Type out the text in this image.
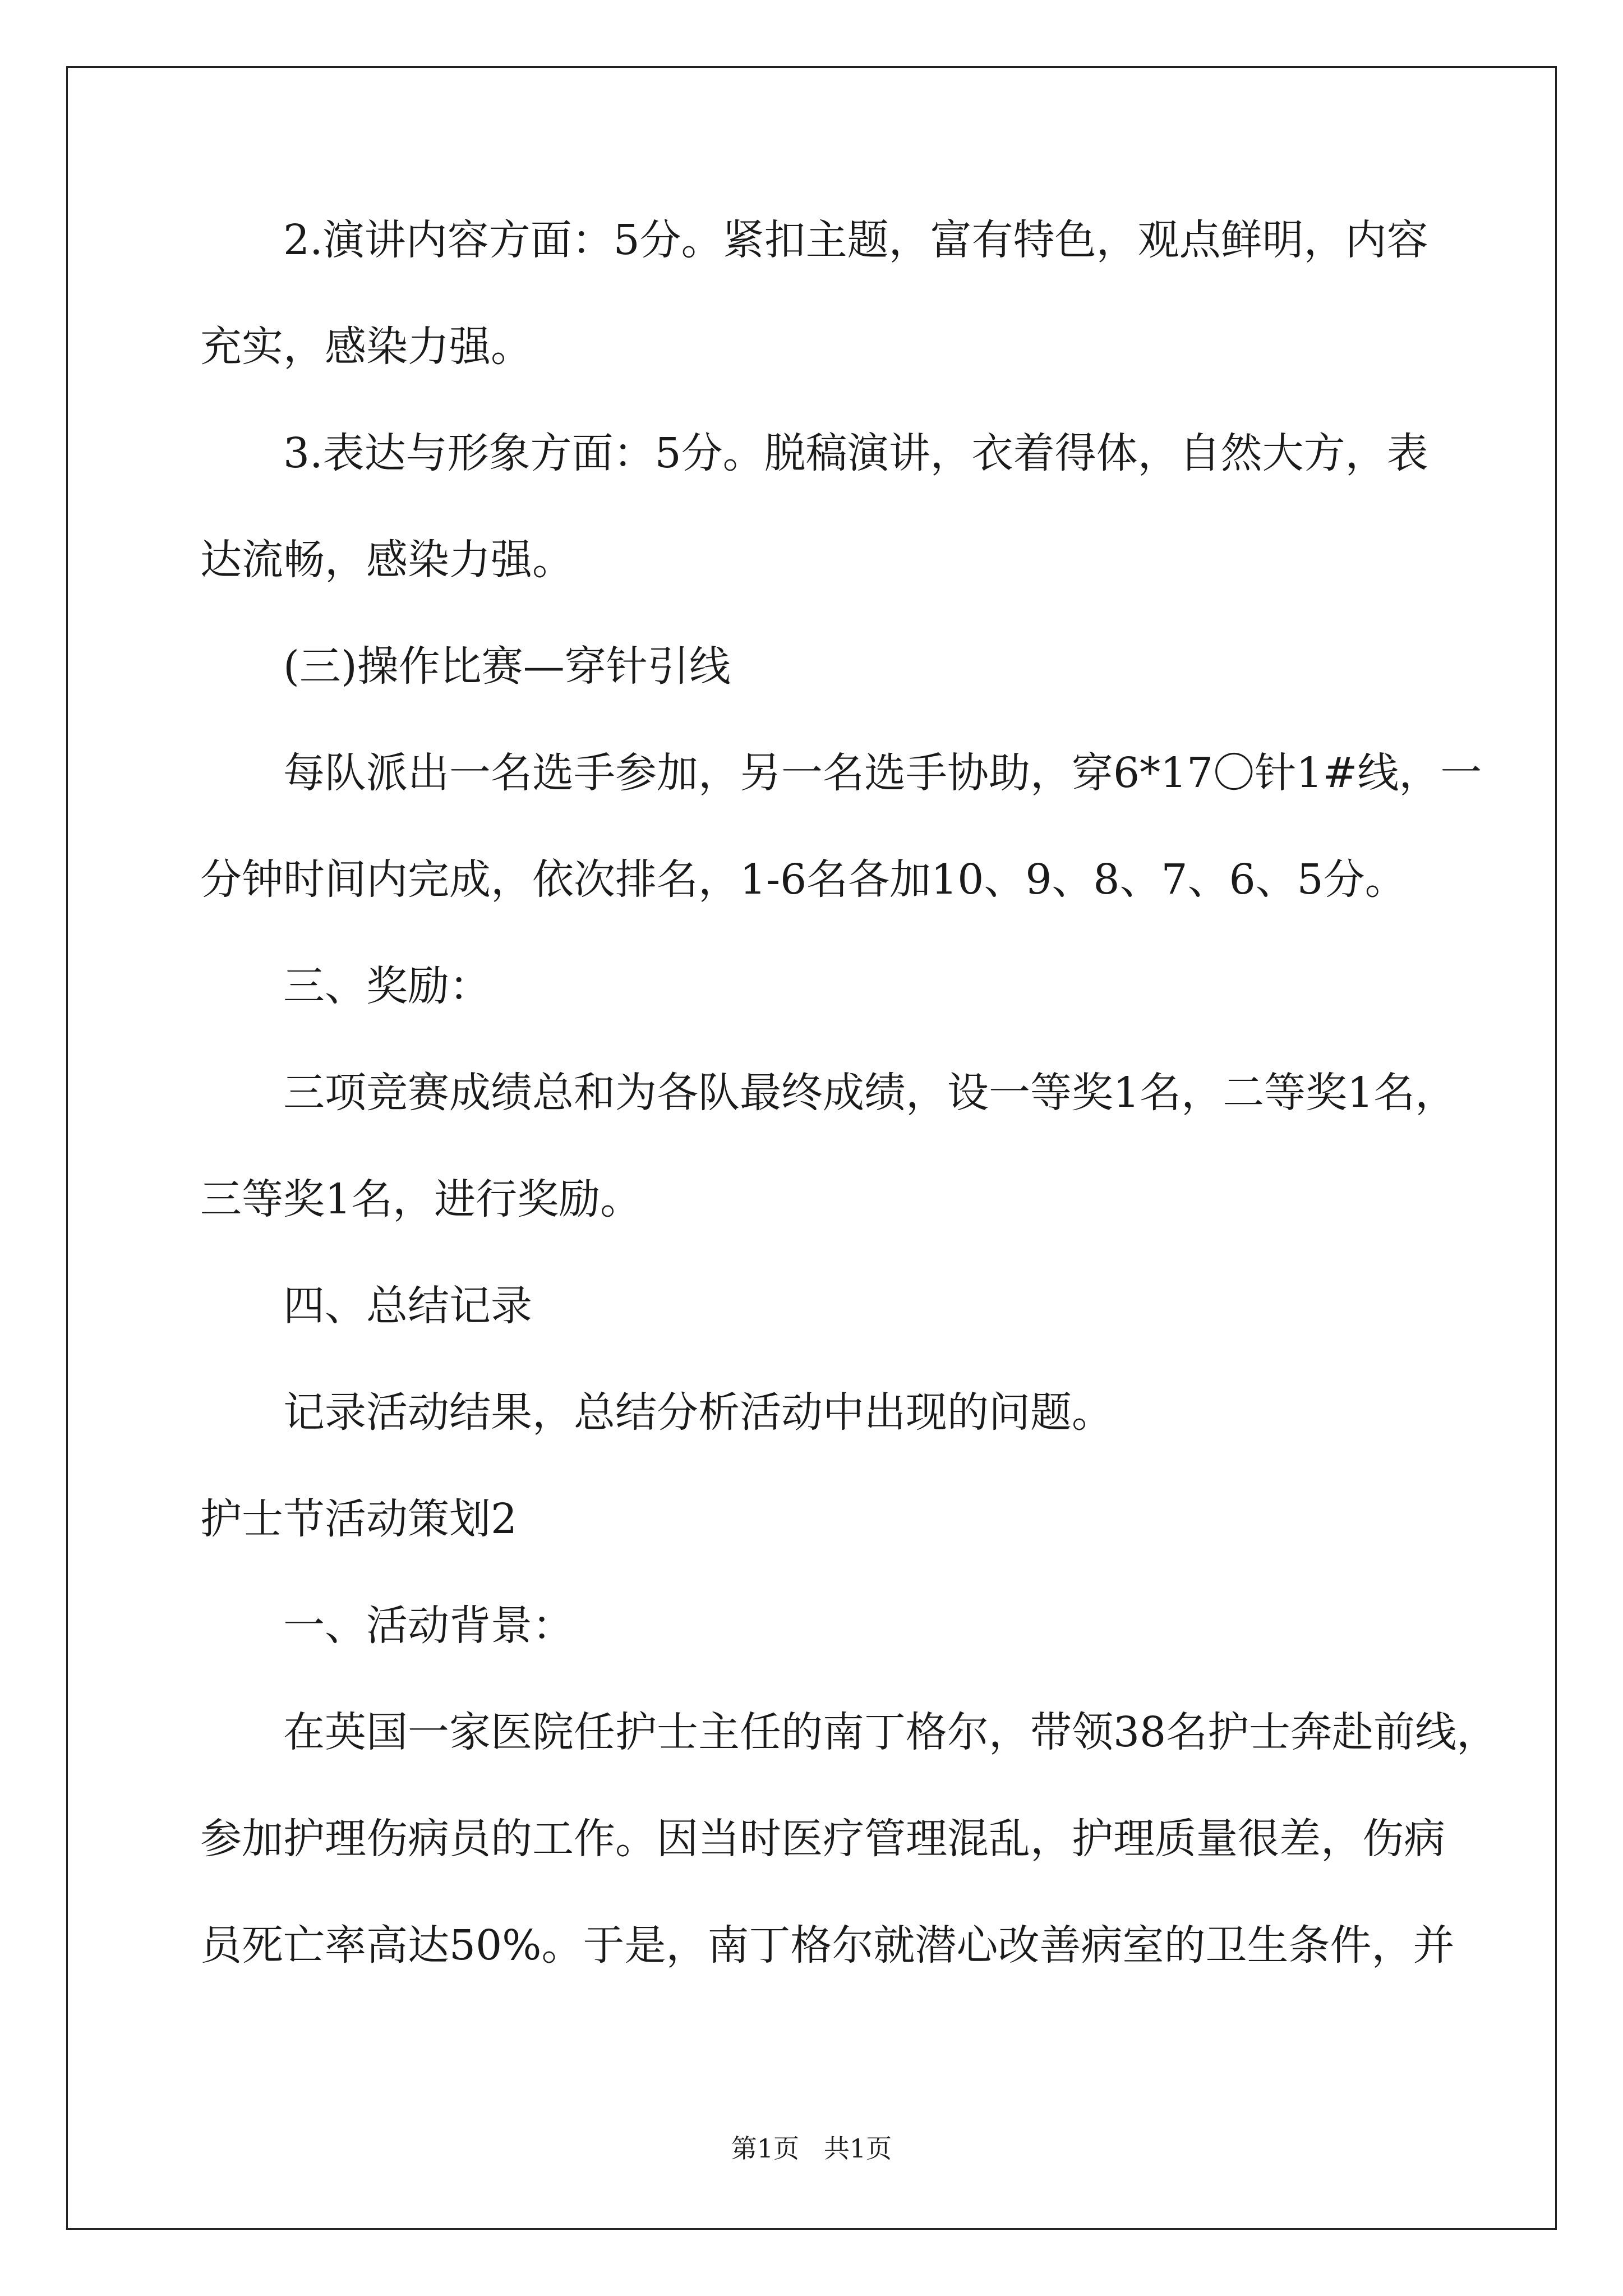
2.演讲内容方面：5分。紧扣主题，富有特色，观点鲜明，内容
充实，感染力强。
3.表达与形象方面：5分。脱稿演讲，衣着得体，自然大方，表
达流畅，感染力强。
(三)操作比赛—穿针引线
每队派出一名选手参加，另一名选手协助，穿6*17〇针1#线，一
分钟时间内完成，依次排名，1-6名各加10、9、8、7、6、5分。
三、奖励：
三项竞赛成绩总和为各队最终成绩，设一等奖1名，二等奖1名，
三等奖1名，进行奖励。
四、总结记录
记录活动结果，总结分析活动中出现的问题。
护士节活动策划2
一、活动背景：
在英国一家医院任护士主任的南丁格尔，带领38名护士奔赴前线，
参加护理伤病员的工作。因当时医疗管理混乱，护理质量很差，伤病
员死亡率高达50%。于是，南丁格尔就潜心改善病室的卫生条件，并
第1页   共1页
